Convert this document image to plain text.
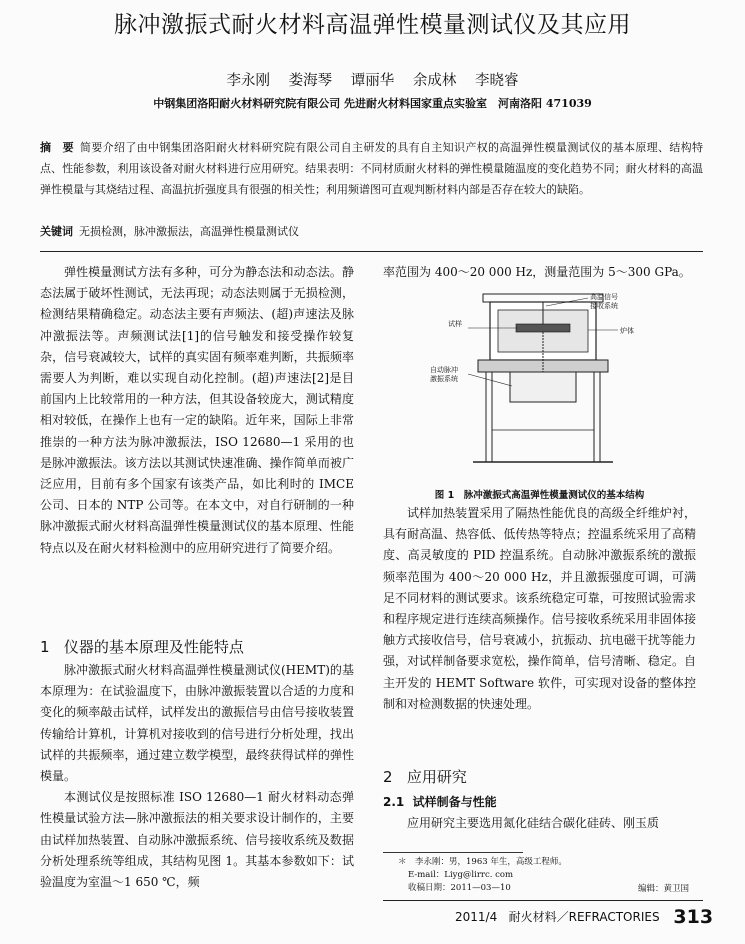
脉冲激振式耐火材料高温弹性模量测试仪及其应用
李永刚 娄海琴 谭丽华 余成林 李晓睿
中钢集团洛阳耐火材料研究院有限公司 先进耐火材料国家重点实验室　河南洛阳 471039
摘　要 简要介绍了由中钢集团洛阳耐火材料研究院有限公司自主研发的具有自主知识产权的高温弹性模量测试仪的基本原理、结构特点、性能参数，利用该设备对耐火材料进行应用研究。结果表明：不同材质耐火材料的弹性模量随温度的变化趋势不同；耐火材料的高温弹性模量与其烧结过程、高温抗折强度具有很强的相关性；利用频谱图可直观判断材料内部是否存在较大的缺陷。
关键词 无损检测，脉冲激振法，高温弹性模量测试仪

弹性模量测试方法有多种，可分为静态法和动态法。静态法属于破坏性测试，无法再现；动态法则属于无损检测，检测结果精确稳定。动态法主要有声频法、(超)声速法及脉冲激振法等。声频测试法[1]的信号触发和接受操作较复杂，信号衰减较大，试样的真实固有频率难判断，共振频率需要人为判断，难以实现自动化控制。(超)声速法[2]是目前国内上比较常用的一种方法，但其设备较庞大，测试精度相对较低，在操作上也有一定的缺陷。近年来，国际上非常推崇的一种方法为脉冲激振法，ISO 12680—1 采用的也是脉冲激振法。该方法以其测试快速准确、操作简单而被广泛应用，目前有多个国家有该类产品，如比利时的 IMCE 公司、日本的 NTP 公司等。在本文中，对自行研制的一种脉冲激振式耐火材料高温弹性模量测试仪的基本原理、性能特点以及在耐火材料检测中的应用研究进行了简要介绍。

1 仪器的基本原理及性能特点

脉冲激振式耐火材料高温弹性模量测试仪(HEMT)的基本原理为：在试验温度下，由脉冲激振装置以合适的力度和变化的频率敲击试样，试样发出的激振信号由信号接收装置传输给计算机，计算机对接收到的信号进行分析处理，找出试样的共振频率，通过建立数学模型，最终获得试样的弹性模量。

本测试仪是按照标准 ISO 12680—1 耐火材料动态弹性模量试验方法—脉冲激振法的相关要求设计制作的，主要由试样加热装置、自动脉冲激振系统、信号接收系统及数据分析处理系统等组成，其结构见图 1。其基本参数如下：试验温度为室温～1 650 ℃，频

率范围为 400～20 000 Hz，测量范围为 5～300 GPa。
高温信号
接收系统
试样
炉体
自动脉冲
激振系统
图 1　脉冲激振式高温弹性模量测试仪的基本结构

试样加热装置采用了隔热性能优良的高级全纤维炉衬，具有耐高温、热容低、低传热等特点；控温系统采用了高精度、高灵敏度的 PID 控温系统。自动脉冲激振系统的激振频率范围为 400～20 000 Hz，并且激振强度可调，可满足不同材料的测试要求。该系统稳定可靠，可按照试验需求和程序规定进行连续高频操作。信号接收系统采用非固体接触方式接收信号，信号衰减小，抗振动、抗电磁干扰等能力强，对试样制备要求宽松，操作简单，信号清晰、稳定。自主开发的 HEMT Software 软件，可实现对设备的整体控制和对检测数据的快速处理。

2 应用研究
2.1 试样制备与性能

应用研究主要选用氮化硅结合碳化硅砖、刚玉质

＊　李永刚：男，1963 年生，高级工程师。
E-mail：Liyg@lirrc. com
收稿日期：2011—03—10	编辑：黄卫国
2011/4 耐火材料／REFRACTORIES 313
